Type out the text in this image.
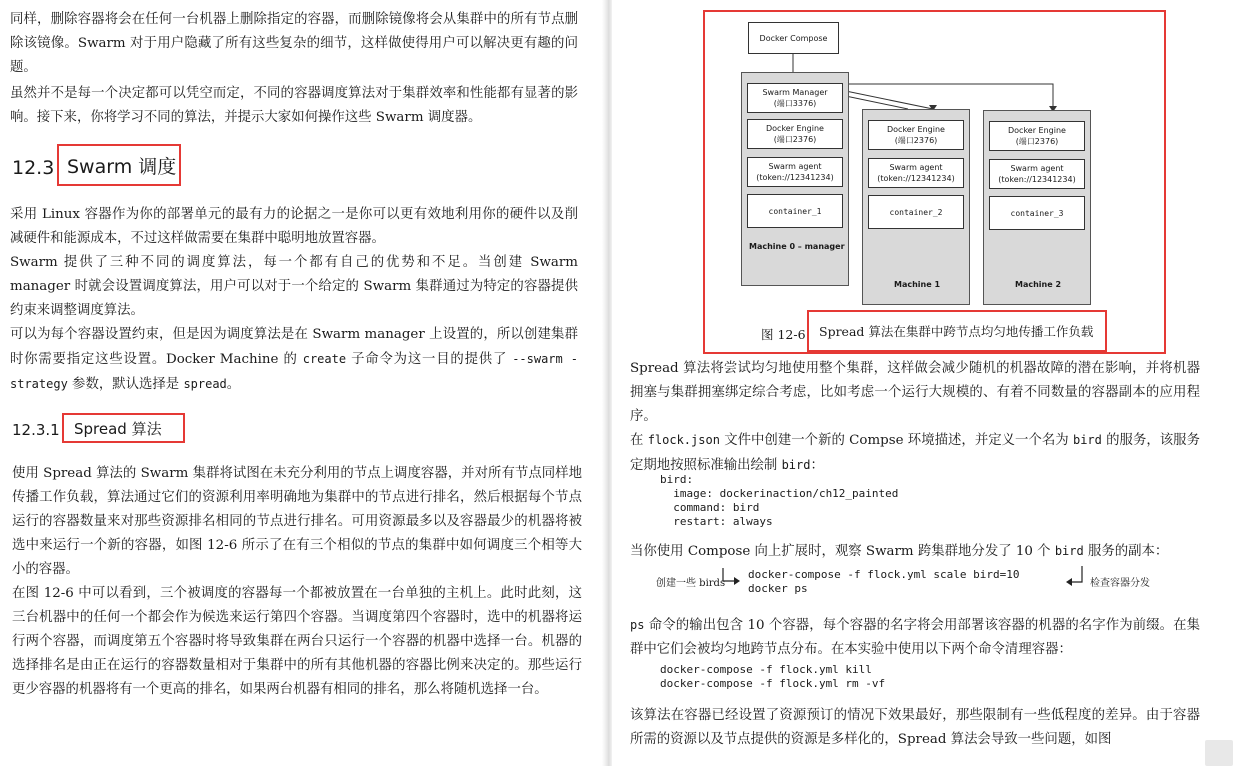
同样，删除容器将会在任何一台机器上删除指定的容器，而删除镜像将会从集群中的所有节点删除该镜像。Swarm 对于用户隐藏了所有这些复杂的细节，这样做使得用户可以解决更有趣的问题。

虽然并不是每一个决定都可以凭空而定，不同的容器调度算法对于集群效率和性能都有显著的影响。接下来，你将学习不同的算法，并提示大家如何操作这些 Swarm 调度器。

12.3 Swarm 调度

采用 Linux 容器作为你的部署单元的最有力的论据之一是你可以更有效地利用你的硬件以及削减硬件和能源成本，不过这样做需要在集群中聪明地放置容器。

Swarm 提供了三种不同的调度算法，每一个都有自己的优势和不足。当创建 Swarm manager 时就会设置调度算法，用户可以对于一个给定的 Swarm 集群通过为特定的容器提供约束来调整调度算法。

可以为每个容器设置约束，但是因为调度算法是在 Swarm manager 上设置的，所以创建集群时你需要指定这些设置。Docker Machine 的 create 子命令为这一目的提供了 --swarm -strategy 参数，默认选择是 spread。

12.3.1 Spread 算法

使用 Spread 算法的 Swarm 集群将试图在未充分利用的节点上调度容器，并对所有节点同样地传播工作负载，算法通过它们的资源利用率明确地为集群中的节点进行排名，然后根据每个节点运行的容器数量来对那些资源排名相同的节点进行排名。可用资源最多以及容器最少的机器将被选中来运行一个新的容器，如图 12-6 所示了在有三个相似的节点的集群中如何调度三个相等大小的容器。

在图 12-6 中可以看到，三个被调度的容器每一个都被放置在一台单独的主机上。此时此刻，这三台机器中的任何一个都会作为候选来运行第四个容器。当调度第四个容器时，选中的机器将运行两个容器，而调度第五个容器时将导致集群在两台只运行一个容器的机器中选择一台。机器的选择排名是由正在运行的容器数量相对于集群中的所有其他机器的容器比例来决定的。那些运行更少容器的机器将有一个更高的排名，如果两台机器有相同的排名，那么将随机选择一台。

Docker Compose
Swarm Manager
(端口3376)
Docker Engine
(端口2376)
Swarm agent
(token://12341234)
container_1
Machine 0 – manager
Docker Engine
(端口2376)
Swarm agent
(token://12341234)
container_2
Machine 1
Docker Engine
(端口2376)
Swarm agent
(token://12341234)
container_3
Machine 2
图 12-6	Spread 算法在集群中跨节点均匀地传播工作负载

Spread 算法将尝试均匀地使用整个集群，这样做会减少随机的机器故障的潜在影响，并将机器拥塞与集群拥塞绑定综合考虑，比如考虑一个运行大规模的、有着不同数量的容器副本的应用程序。

在 flock.json 文件中创建一个新的 Compse 环境描述，并定义一个名为 bird 的服务，该服务定期地按照标准输出绘制 bird：

bird:
image: dockerinaction/ch12_painted
command: bird
restart: always

当你使用 Compose 向上扩展时，观察 Swarm 跨集群地分发了 10 个 bird 服务的副本：

创建一些 birds
docker-compose -f flock.yml scale bird=10
docker ps	检查容器分发

ps 命令的输出包含 10 个容器，每个容器的名字将会用部署该容器的机器的名字作为前缀。在集群中它们会被均匀地跨节点分布。在本实验中使用以下两个命令清理容器：

docker-compose -f flock.yml kill
docker-compose -f flock.yml rm -vf

该算法在容器已经设置了资源预订的情况下效果最好，那些限制有一些低程度的差异。由于容器所需的资源以及节点提供的资源是多样化的，Spread 算法会导致一些问题，如图
